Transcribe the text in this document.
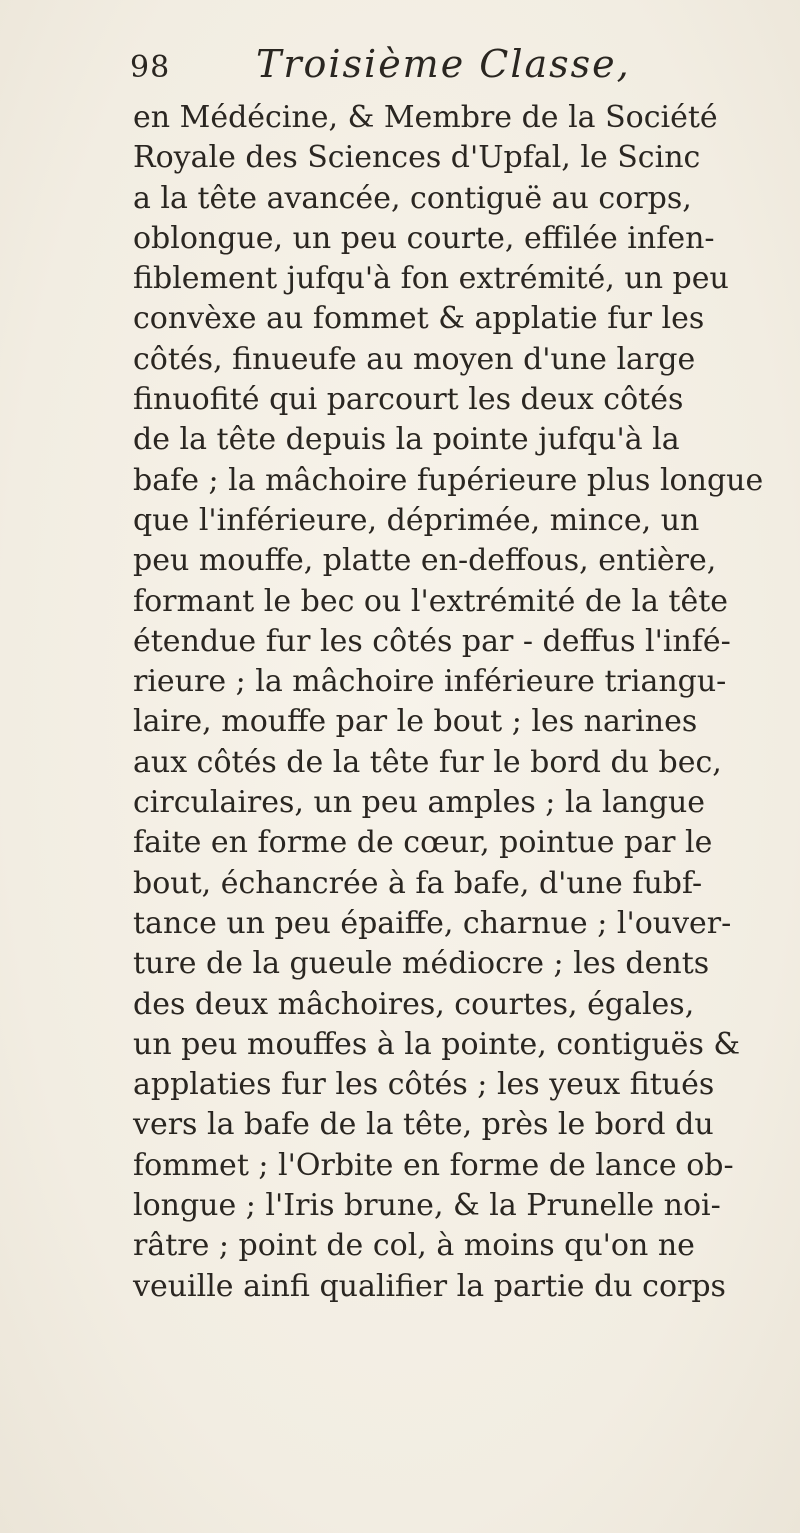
98 Troisième Classe,
en Médécine, & Membre de la Société
Royale des Sciences d'Upfal, le Scinc
a la tête avancée, contiguë au corps,
oblongue, un peu courte, effilée infen-
fiblement jufqu'à fon extrémité, un peu
convèxe au fommet & applatie fur les
côtés, finueufe au moyen d'une large
finuofité qui parcourt les deux côtés
de la tête depuis la pointe jufqu'à la
bafe ; la mâchoire fupérieure plus longue
que l'inférieure, déprimée, mince, un
peu mouffe, platte en-deffous, entière,
formant le bec ou l'extrémité de la tête
étendue fur les côtés par - deffus l'infé-
rieure ; la mâchoire inférieure triangu-
laire, mouffe par le bout ; les narines
aux côtés de la tête fur le bord du bec,
circulaires, un peu amples ; la langue
faite en forme de cœur, pointue par le
bout, échancrée à fa bafe, d'une fubf-
tance un peu épaiffe, charnue ; l'ouver-
ture de la gueule médiocre ; les dents
des deux mâchoires, courtes, égales,
un peu mouffes à la pointe, contiguës &
applaties fur les côtés ; les yeux fitués
vers la bafe de la tête, près le bord du
fommet ; l'Orbite en forme de lance ob-
longue ; l'Iris brune, & la Prunelle noi-
râtre ; point de col, à moins qu'on ne
veuille ainfi qualifier la partie du corps
